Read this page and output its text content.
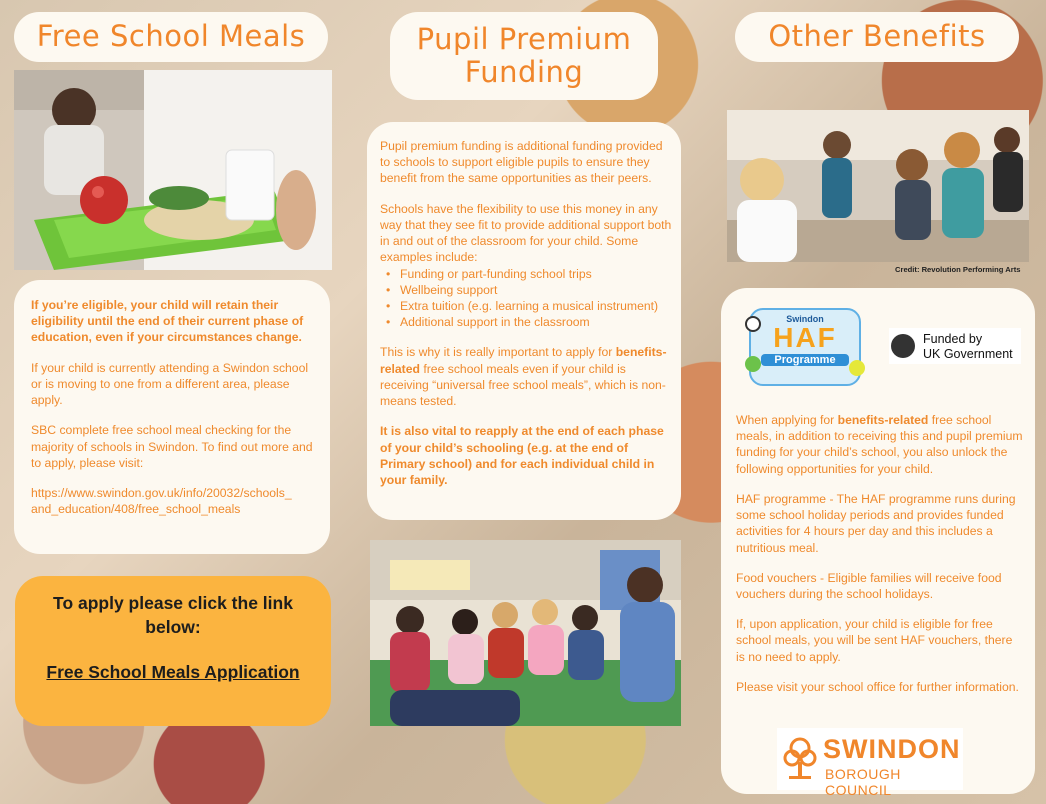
Free School Meals

If you’re eligible, your child will retain their eligibility until the end of their current phase of education, even if your circumstances change.

If your child is currently attending a Swindon school or is moving to one from a different area, please apply.

SBC complete free school meal checking for the majority of schools in Swindon. To find out more and to apply, please visit:

https://www.swindon.gov.uk/info/20032/schools_
and_education/408/free_school_meals

To apply please click the link below:
Free School Meals Application
Pupil Premium
Funding

Pupil premium funding is additional funding provided to schools to support eligible pupils to ensure they benefit from the same opportunities as their peers.

Schools have the flexibility to use this money in any way that they see fit to provide additional support both in and out of the classroom for your child. Some examples include:

• Funding or part-funding school trips
• Wellbeing support
• Extra tuition (e.g. learning a musical instrument)
• Additional support in the classroom

This is why it is really important to apply for benefits-related free school meals even if your child is receiving “universal free school meals”, which is non-means tested.

It is also vital to reapply at the end of each phase of your child’s schooling (e.g. at the end of Primary school) and for each individual child in your family.

Other Benefits
Credit: Revolution Performing Arts
Swindon
HAF
Programme
Funded by
UK Government

When applying for benefits-related free school meals, in addition to receiving this and pupil premium funding for your child’s school, you also unlock the following opportunities for your child.

HAF programme - The HAF programme runs during some school holiday periods and provides funded activities for 4 hours per day and this includes a nutritious meal.

Food vouchers - Eligible families will receive food vouchers during the school holidays.

If, upon application, your child is eligible for free school meals, you will be sent HAF vouchers, there is no need to apply.

Please visit your school office for further information.

SWINDON
BOROUGH COUNCIL
